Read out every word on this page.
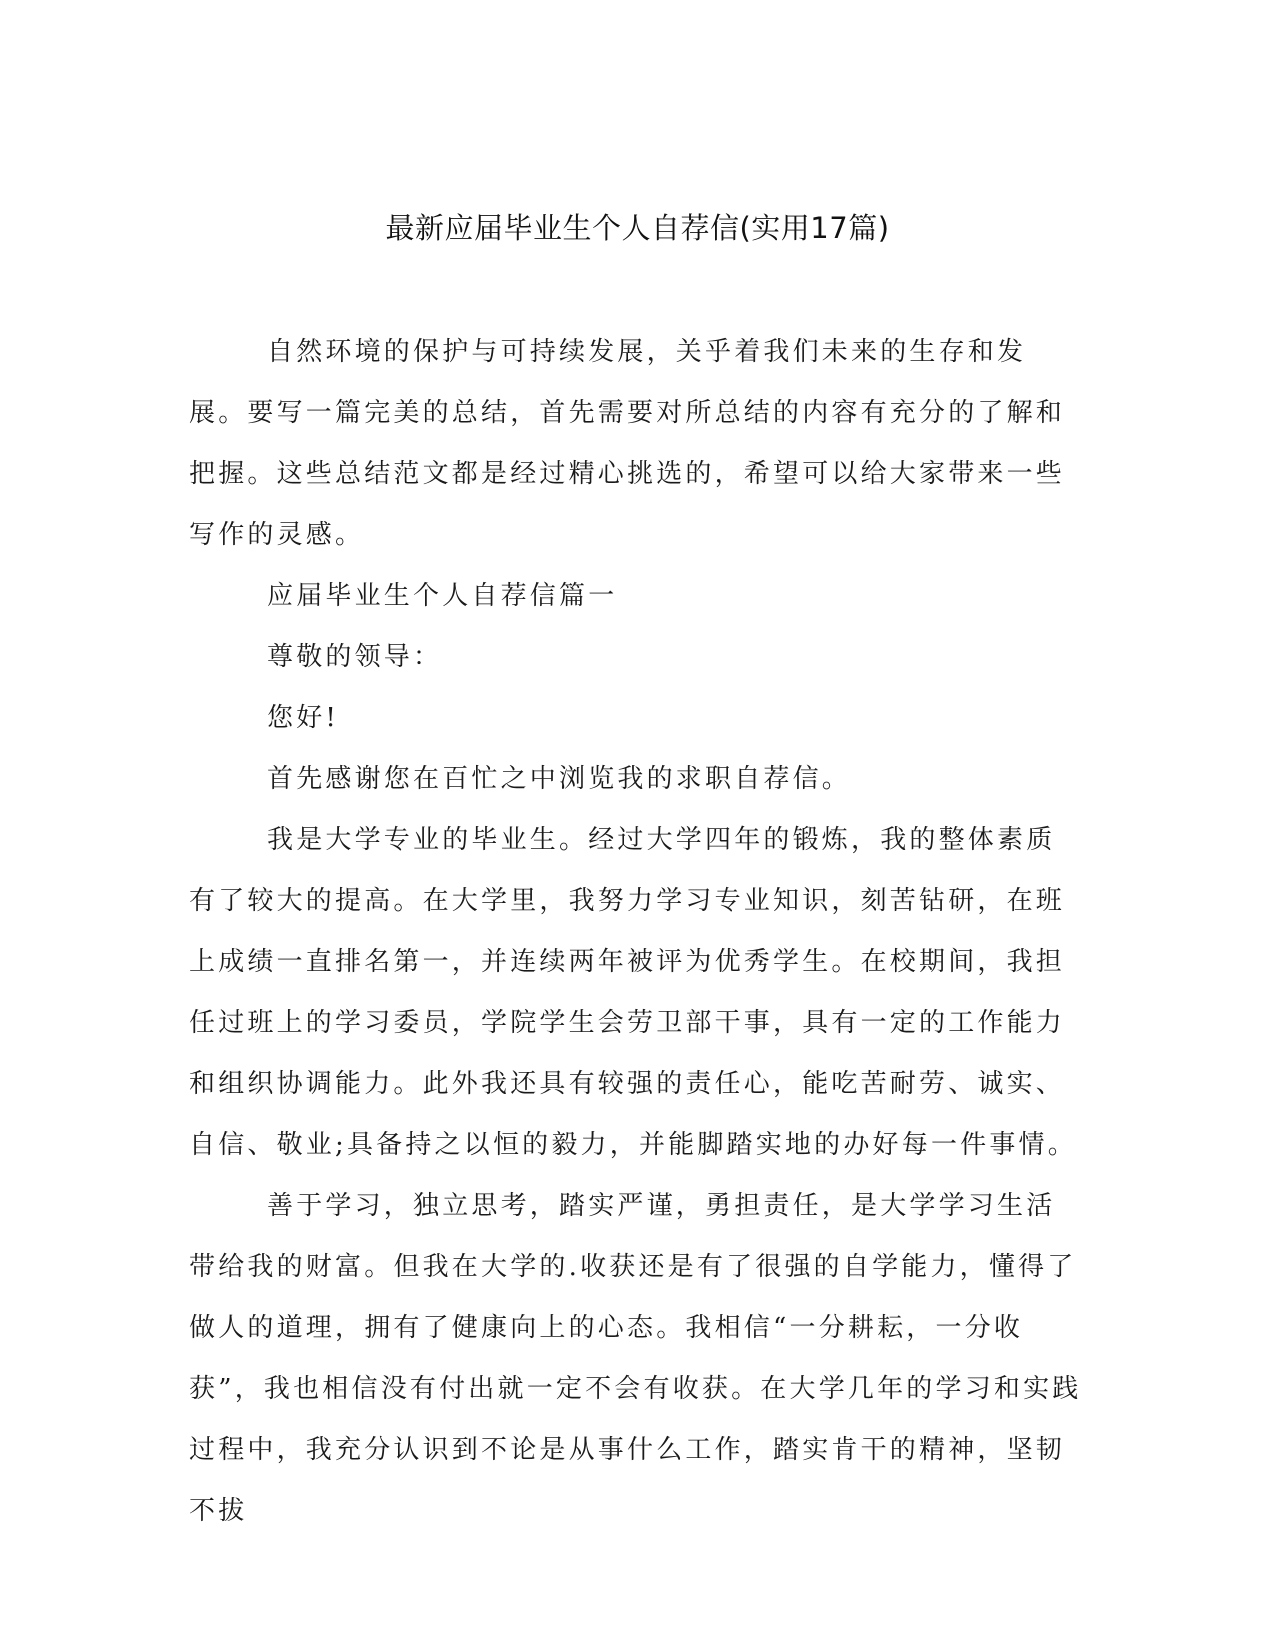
最新应届毕业生个人自荐信(实用17篇)

自然环境的保护与可持续发展，关乎着我们未来的生存和发展。要写一篇完美的总结，首先需要对所总结的内容有充分的了解和把握。这些总结范文都是经过精心挑选的，希望可以给大家带来一些写作的灵感。

应届毕业生个人自荐信篇一

尊敬的领导：

您好!

首先感谢您在百忙之中浏览我的求职自荐信。

我是大学专业的毕业生。经过大学四年的锻炼，我的整体素质有了较大的提高。在大学里，我努力学习专业知识，刻苦钻研，在班上成绩一直排名第一，并连续两年被评为优秀学生。在校期间，我担任过班上的学习委员，学院学生会劳卫部干事，具有一定的工作能力和组织协调能力。此外我还具有较强的责任心，能吃苦耐劳、诚实、自信、敬业;具备持之以恒的毅力，并能脚踏实地的办好每一件事情。

善于学习，独立思考，踏实严谨，勇担责任，是大学学习生活带给我的财富。但我在大学的.收获还是有了很强的自学能力，懂得了做人的道理，拥有了健康向上的心态。我相信“一分耕耘，一分收获”，我也相信没有付出就一定不会有收获。在大学几年的学习和实践过程中，我充分认识到不论是从事什么工作，踏实肯干的精神，坚韧不拔
